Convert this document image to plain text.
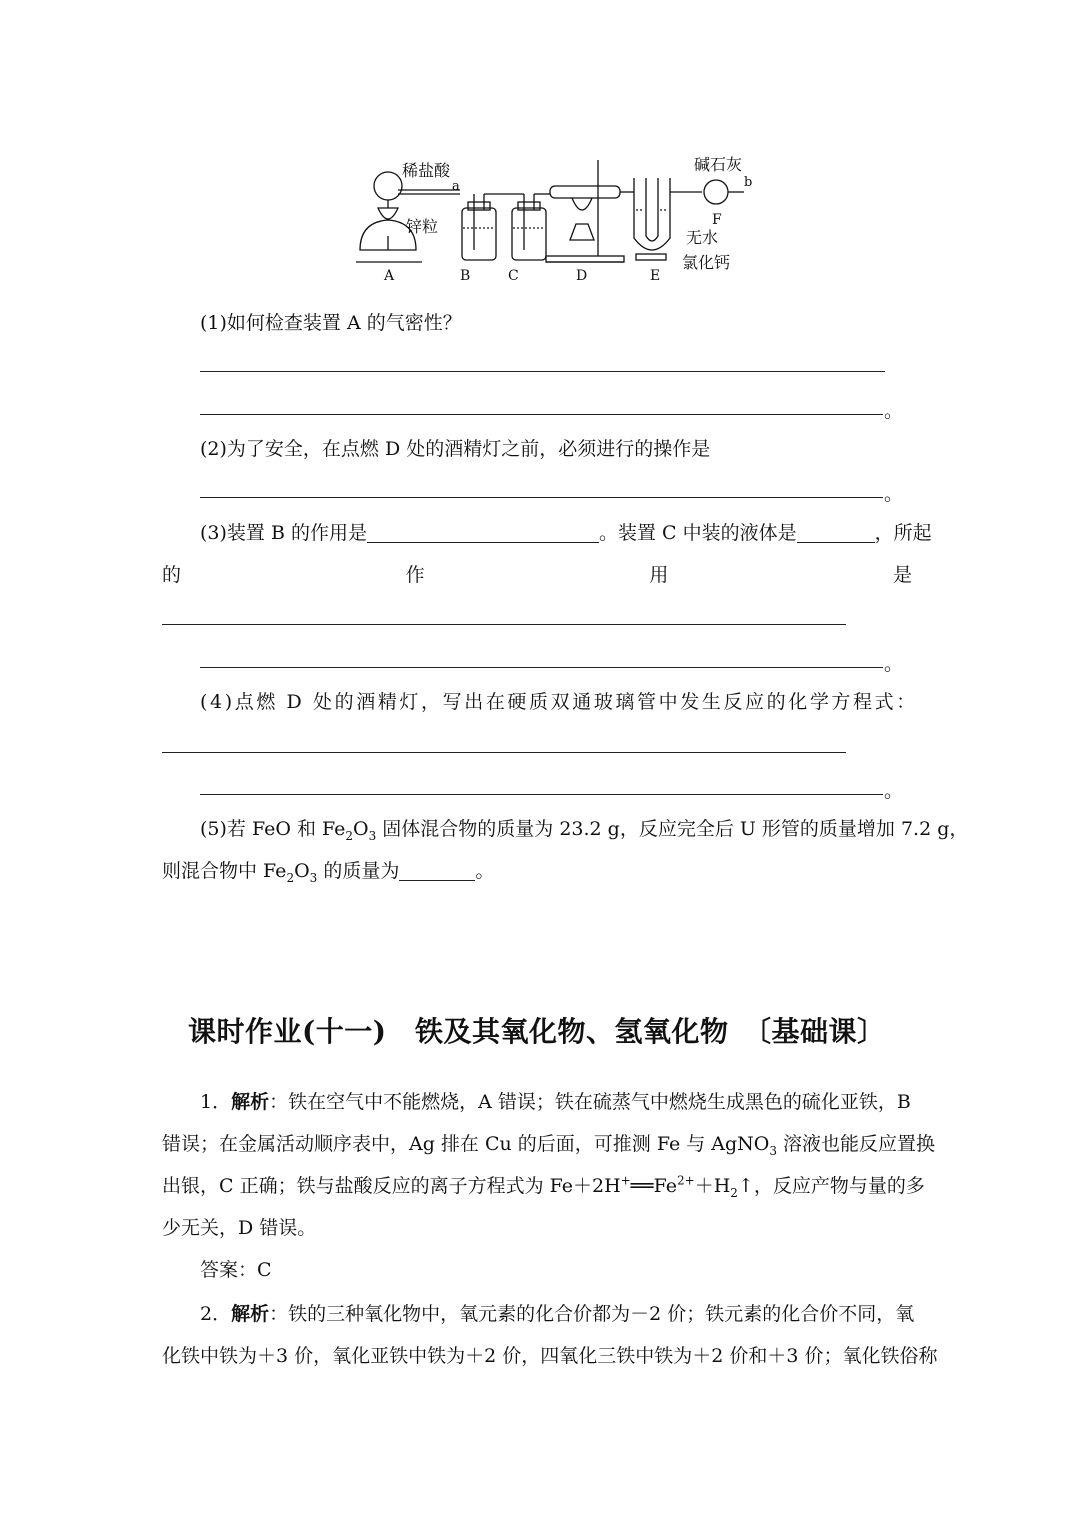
稀盐酸
a
锌粒
碱石灰
b
F
无水
氯化钙
A	B	C	D	E
(1)如何检查装置 A 的气密性？
。
(2)为了安全，在点燃 D 处的酒精灯之前，必须进行的操作是
。
(3)装置 B 的作用是	。装置 C 中装的液体是	，所起
的	作	用	是
。
(4)点燃 D 处的酒精灯，写出在硬质双通玻璃管中发生反应的化学方程式：
。
(5)若 FeO 和 $Fe_2O_3$ 固体混合物的质量为 23.2 g，反应完全后 U 形管的质量增加 7.2 g，
则混合物中 $Fe_2O_3$ 的质量为	。
课时作业(十一)　铁及其氧化物、氢氧化物　〔基础课〕
1．解析：铁在空气中不能燃烧，A 错误；铁在硫蒸气中燃烧生成黑色的硫化亚铁，B
错误；在金属活动顺序表中，Ag 排在 Cu 的后面，可推测 Fe 与 AgNO$_3$ 溶液也能反应置换
出银，C 正确；铁与盐酸反应的离子方程式为 $Fe+2H^+══Fe^{2+}+H_2↑$，反应产物与量的多
少无关，D 错误。
答案：C
2．解析：铁的三种氧化物中，氧元素的化合价都为－2 价；铁元素的化合价不同，氧
化铁中铁为＋3 价，氧化亚铁中铁为＋2 价，四氧化三铁中铁为＋2 价和＋3 价；氧化铁俗称
